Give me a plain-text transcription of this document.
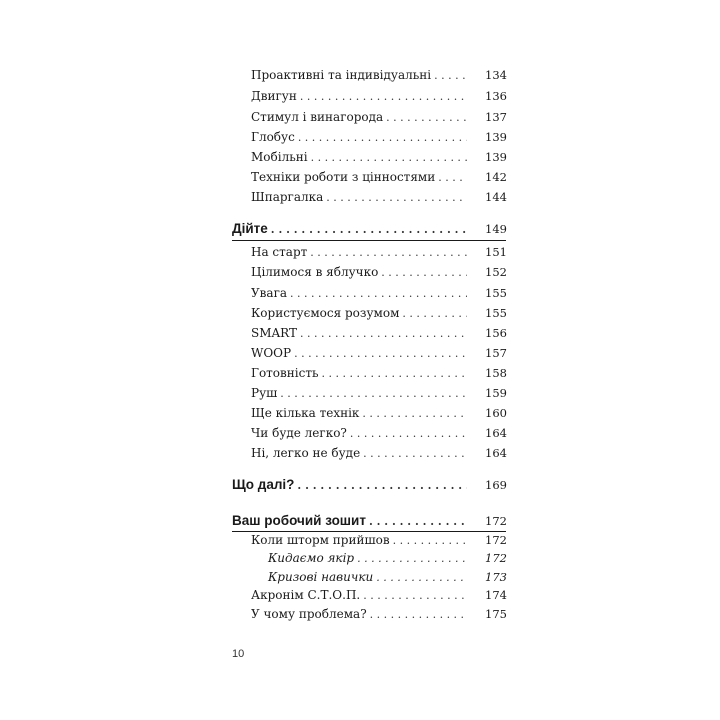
Проактивні та індивідуальні . . .	134
Двигун . . .	136
Стимул і винагорода . . .	137
Глобус . . .	139
Мобільні . . .	139
Техніки роботи з цінностями . . .	142
Шпаргалка . . .	144
Дійте . . .	149
На старт . . .	151
Цілимося в яблучко . . .	152
Увага . . .	155
Користуємося розумом . . .	155
SMART . . .	156
WOOP . . .	157
Готовність . . .	158
Руш . . .	159
Ще кілька технік . . .	160
Чи буде легко? . . .	164
Ні, легко не буде . . .	164
Що далі? . . .	169
Ваш робочий зошит . . .	172
Коли шторм прийшов . . .	172
Кидаємо якір . . .	172
Кризові навички . . .	173
Акронім С.Т.О.П. . . .	174
У чому проблема? . . .	175
10
